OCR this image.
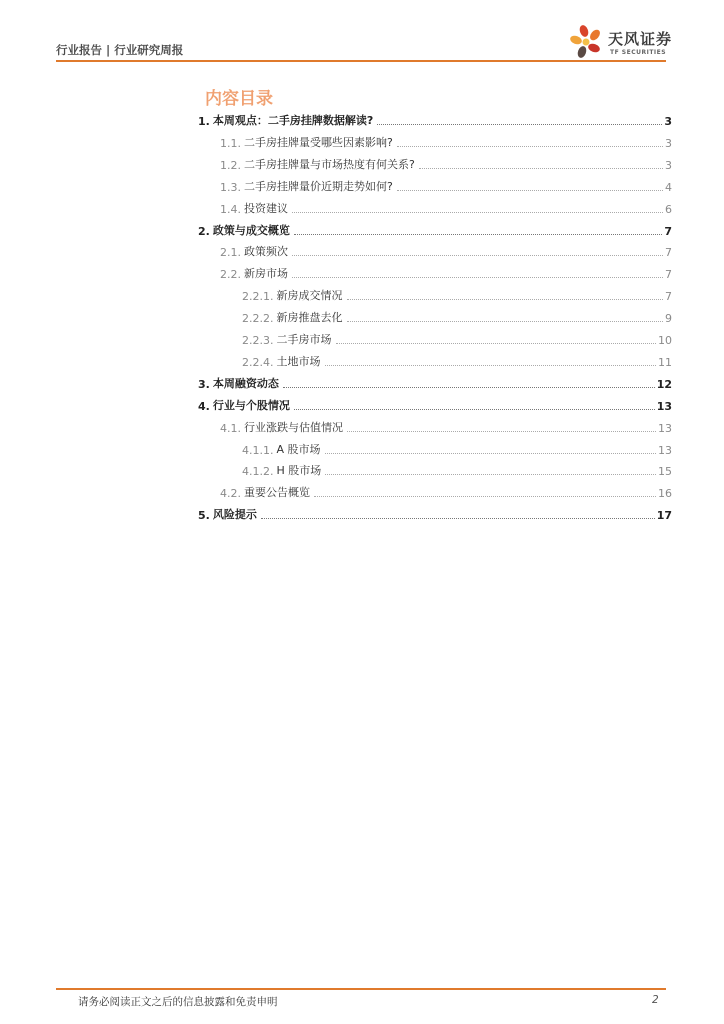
行业报告 | 行业研究周报
天风证券
TF SECURITIES
内容目录
1. 本周观点：二手房挂牌数据解读?	3
1.1. 二手房挂牌量受哪些因素影响?	3
1.2. 二手房挂牌量与市场热度有何关系?	3
1.3. 二手房挂牌量价近期走势如何?	4
1.4. 投资建议	6
2. 政策与成交概览	7
2.1. 政策频次	7
2.2. 新房市场	7
2.2.1. 新房成交情况	7
2.2.2. 新房推盘去化	9
2.2.3. 二手房市场	10
2.2.4. 土地市场	11
3. 本周融资动态	12
4. 行业与个股情况	13
4.1. 行业涨跌与估值情况	13
4.1.1. A 股市场	13
4.1.2. H 股市场	15
4.2. 重要公告概览	16
5. 风险提示	17
请务必阅读正文之后的信息披露和免责申明	2
